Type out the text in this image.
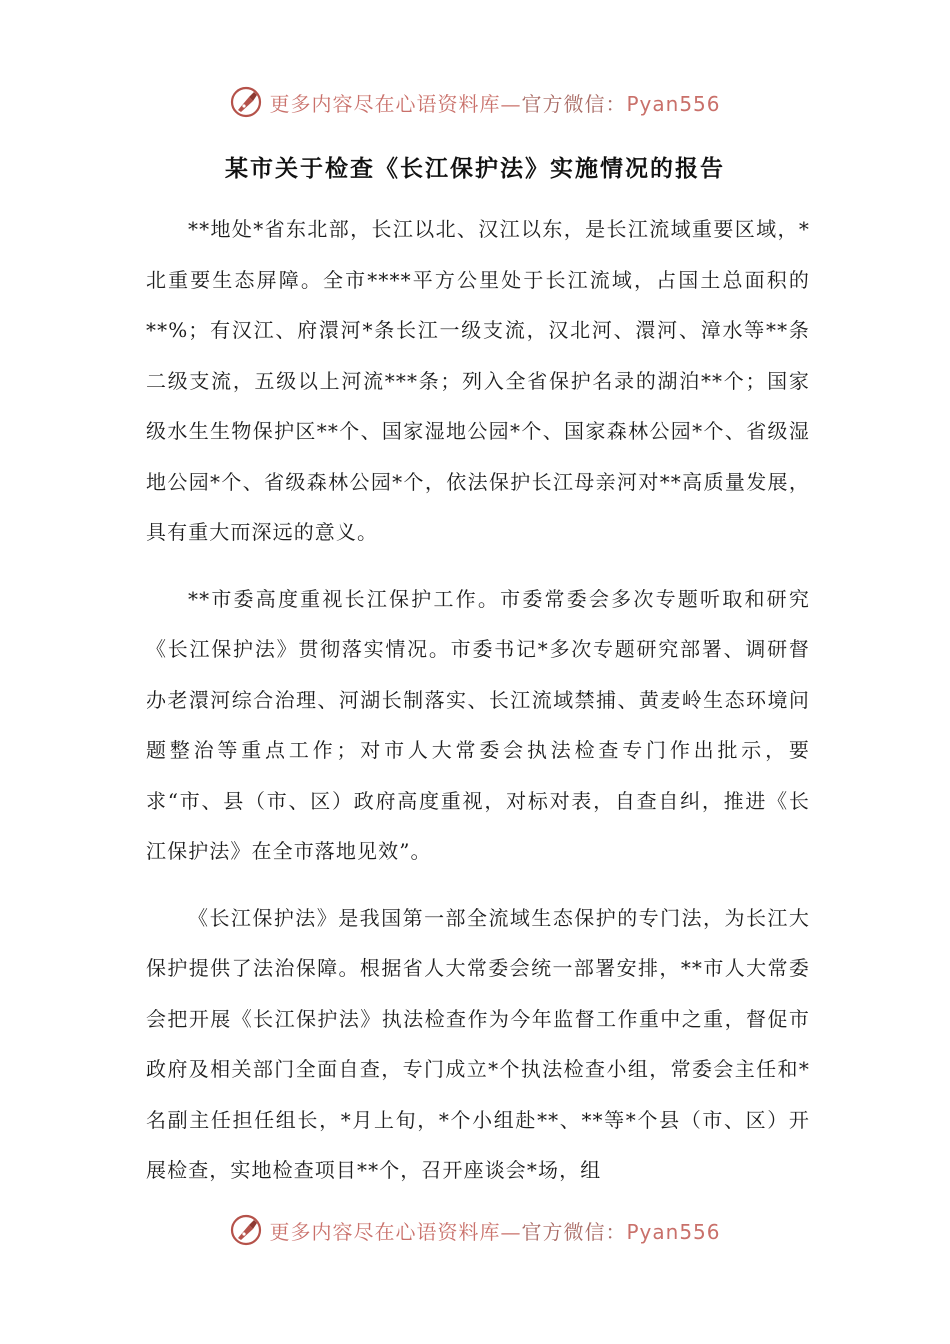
更多内容尽在心语资料库—官方微信：Pyan556
某市关于检查《长江保护法》实施情况的报告

**地处*省东北部，长江以北、汉江以东，是长江流域重要区域，*北重要生态屏障。全市****平方公里处于长江流域，占国土总面积的**%；有汉江、府澴河*条长江一级支流，汉北河、澴河、漳水等**条二级支流，五级以上河流***条；列入全省保护名录的湖泊**个；国家级水生生物保护区**个、国家湿地公园*个、国家森林公园*个、省级湿地公园*个、省级森林公园*个，依法保护长江母亲河对**高质量发展，具有重大而深远的意义。

**市委高度重视长江保护工作。市委常委会多次专题听取和研究《长江保护法》贯彻落实情况。市委书记*多次专题研究部署、调研督办老澴河综合治理、河湖长制落实、长江流域禁捕、黄麦岭生态环境问题整治等重点工作；对市人大常委会执法检查专门作出批示，要求“市、县（市、区）政府高度重视，对标对表，自查自纠，推进《长江保护法》在全市落地见效”。

《长江保护法》是我国第一部全流域生态保护的专门法，为长江大保护提供了法治保障。根据省人大常委会统一部署安排，**市人大常委会把开展《长江保护法》执法检查作为今年监督工作重中之重，督促市政府及相关部门全面自查，专门成立*个执法检查小组，常委会主任和*名副主任担任组长，*月上旬，*个小组赴**、**等*个县（市、区）开展检查，实地检查项目**个，召开座谈会*场，组

更多内容尽在心语资料库—官方微信：Pyan556
